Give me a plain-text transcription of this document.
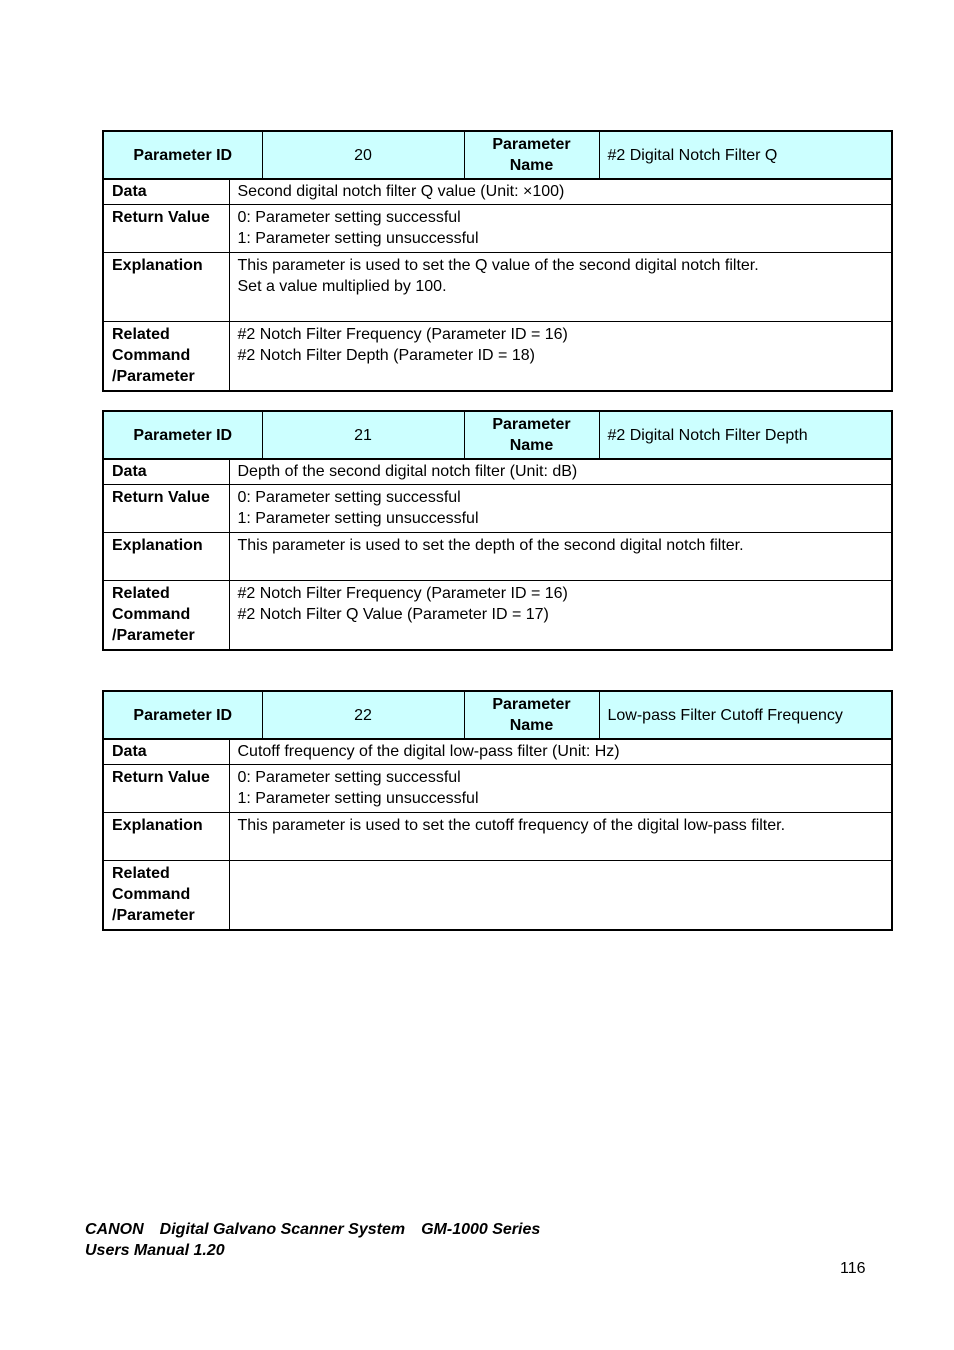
Parameter ID	20	Parameter Name	#2 Digital Notch Filter Q
Data	Second digital notch filter Q value (Unit: ×100)
Return Value	0: Parameter setting successful
1: Parameter setting unsuccessful

Explanation	This parameter is used to set the Q value of the second digital notch filter.
Set a value multiplied by 100.

Related
Command
/Parameter	#2 Notch Filter Frequency (Parameter ID = 16)
#2 Notch Filter Depth (Parameter ID = 18)
Parameter ID	21	Parameter Name	#2 Digital Notch Filter Depth
Data	Depth of the second digital notch filter (Unit: dB)
Return Value	0: Parameter setting successful
1: Parameter setting unsuccessful

Explanation	This parameter is used to set the depth of the second digital notch filter.

Related
Command
/Parameter	#2 Notch Filter Frequency (Parameter ID = 16)
#2 Notch Filter Q Value (Parameter ID = 17)
Parameter ID	22	Parameter Name	Low-pass Filter Cutoff Frequency
Data	Cutoff frequency of the digital low-pass filter (Unit: Hz)
Return Value	0: Parameter setting successful
1: Parameter setting unsuccessful

Explanation	This parameter is used to set the cutoff frequency of the digital low-pass filter.

Related
Command
/Parameter	

CANON Digital Galvano Scanner System GM-1000 Series
Users Manual 1.20
116
